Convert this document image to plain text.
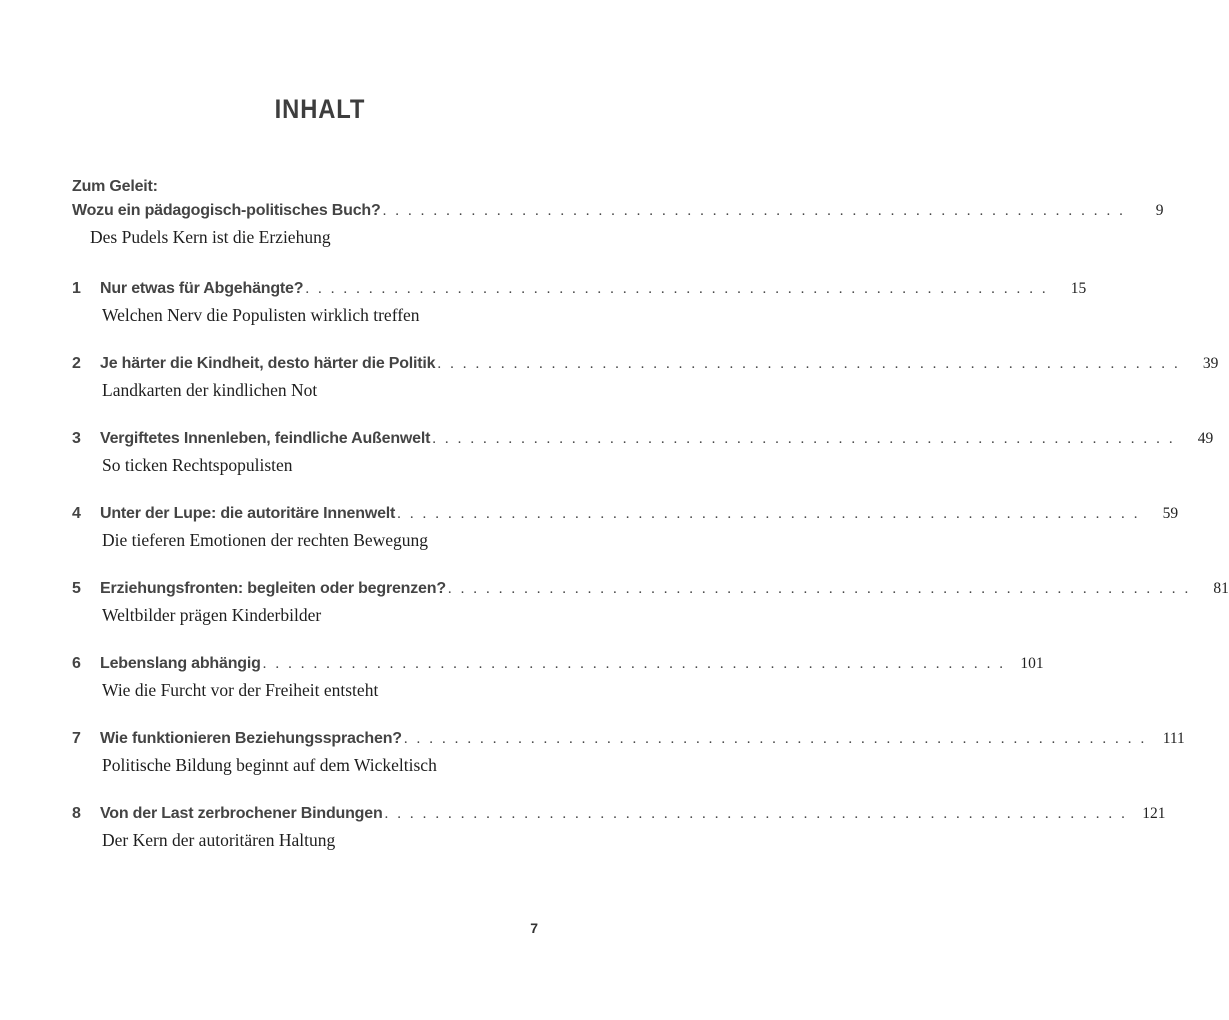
INHALT
Zum Geleit:
Wozu ein pädagogisch-politisches Buch? . . . . . . . . . . . . . . . . . . . . . . . . . . . . . . . . . . . . . . . . . . . . . . . . . . . . . . . . . . .	9
Des Pudels Kern ist die Erziehung
1	Nur etwas für Abgehängte? . . . . . . . . . . . . . . . . . . . . . . . . . . . . . . . . . . . . . . . . . . . . . . . . . . . . . . . . . . .	15
Welchen Nerv die Populisten wirklich treffen
2	Je härter die Kindheit, desto härter die Politik . . . . . . . . . . . . . . . . . . . . . . . . . . . . . . . . . . . . . . . . . . . . . . . . . . . . . . . . . . .	39
Landkarten der kindlichen Not
3	Vergiftetes Innenleben, feindliche Außenwelt . . . . . . . . . . . . . . . . . . . . . . . . . . . . . . . . . . . . . . . . . . . . . . . . . . . . . . . . . . .	49
So ticken Rechtspopulisten
4	Unter der Lupe: die autoritäre Innenwelt . . . . . . . . . . . . . . . . . . . . . . . . . . . . . . . . . . . . . . . . . . . . . . . . . . . . . . . . . . .	59
Die tieferen Emotionen der rechten Bewegung
5	Erziehungsfronten: begleiten oder begrenzen? . . . . . . . . . . . . . . . . . . . . . . . . . . . . . . . . . . . . . . . . . . . . . . . . . . . . . . . . . . .	81
Weltbilder prägen Kinderbilder
6	Lebenslang abhängig . . . . . . . . . . . . . . . . . . . . . . . . . . . . . . . . . . . . . . . . . . . . . . . . . . . . . . . . . . . 101
Wie die Furcht vor der Freiheit entsteht
7	Wie funktionieren Beziehungssprachen? . . . . . . . . . . . . . . . . . . . . . . . . . . . . . . . . . . . . . . . . . . . . . . . . . . . . . . . . . . .	111
Politische Bildung beginnt auf dem Wickeltisch
8	Von der Last zerbrochener Bindungen . . . . . . . . . . . . . . . . . . . . . . . . . . . . . . . . . . . . . . . . . . . . . . . . . . . . . . . . . . . 121
Der Kern der autoritären Haltung
7
